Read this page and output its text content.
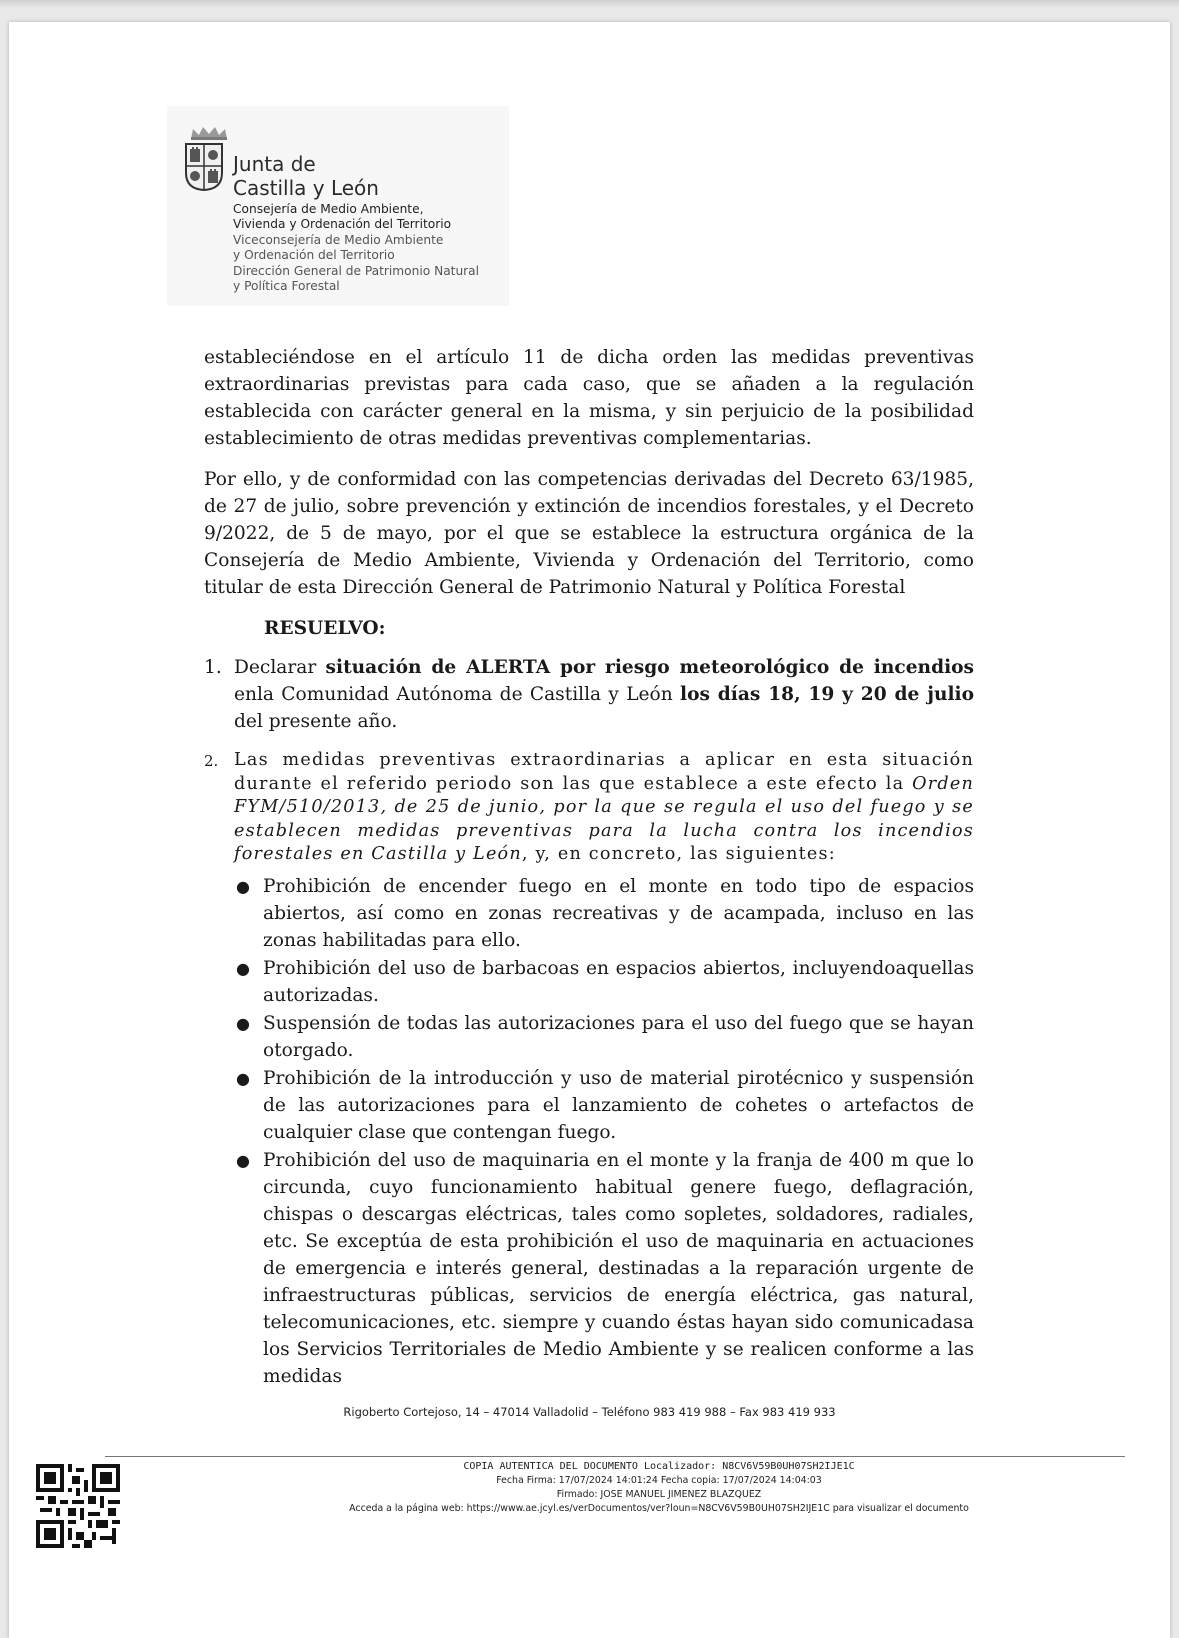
Junta de
Castilla y León
Consejería de Medio Ambiente,
Vivienda y Ordenación del Territorio
Viceconsejería de Medio Ambiente
y Ordenación del Territorio
Dirección General de Patrimonio Natural
y Política Forestal

estableciéndose en el artículo 11 de dicha orden las medidas preventivas extraordinarias previstas para cada caso, que se añaden a la regulación establecida con carácter general en la misma, y sin perjuicio de la posibilidad establecimiento de otras medidas preventivas complementarias.

Por ello, y de conformidad con las competencias derivadas del Decreto 63/1985, de 27 de julio, sobre prevención y extinción de incendios forestales, y el Decreto 9/2022, de 5 de mayo, por el que se establece la estructura orgánica de la Consejería de Medio Ambiente, Vivienda y Ordenación del Territorio, como titular de esta Dirección General de Patrimonio Natural y Política Forestal

RESUELVO:

1. Declarar situación de ALERTA por riesgo meteorológico de incendios enla Comunidad Autónoma de Castilla y León los días 18, 19 y 20 de julio del presente año.
2. Las medidas preventivas extraordinarias a aplicar en esta situación durante el referido periodo son las que establece a este efecto la Orden FYM/510/2013, de 25 de junio, por la que se regula el uso del fuego y se establecen medidas preventivas para la lucha contra los incendios forestales en Castilla y León, y, en concreto, las siguientes:
● Prohibición de encender fuego en el monte en todo tipo de espacios abiertos, así como en zonas recreativas y de acampada, incluso en las zonas habilitadas para ello.
● Prohibición del uso de barbacoas en espacios abiertos, incluyendoaquellas autorizadas.
● Suspensión de todas las autorizaciones para el uso del fuego que se hayan otorgado.
● Prohibición de la introducción y uso de material pirotécnico y suspensión de las autorizaciones para el lanzamiento de cohetes o artefactos de cualquier clase que contengan fuego.
● Prohibición del uso de maquinaria en el monte y la franja de 400 m que lo circunda, cuyo funcionamiento habitual genere fuego, deflagración, chispas o descargas eléctricas, tales como sopletes, soldadores, radiales, etc. Se exceptúa de esta prohibición el uso de maquinaria en actuaciones de emergencia e interés general, destinadas a la reparación urgente de infraestructuras públicas, servicios de energía eléctrica, gas natural, telecomunicaciones, etc. siempre y cuando éstas hayan sido comunicadasa los Servicios Territoriales de Medio Ambiente y se realicen conforme a las medidas
Rigoberto Cortejoso, 14 – 47014 Valladolid – Teléfono 983 419 988 – Fax 983 419 933
COPIA AUTENTICA DEL DOCUMENTO Localizador: N8CV6V59B0UH07SH2IJE1C
Fecha Firma: 17/07/2024 14:01:24 Fecha copia: 17/07/2024 14:04:03
Firmado: JOSE MANUEL JIMENEZ BLAZQUEZ
Acceda a la página web: https://www.ae.jcyl.es/verDocumentos/ver?loun=N8CV6V59B0UH07SH2IJE1C para visualizar el documento
